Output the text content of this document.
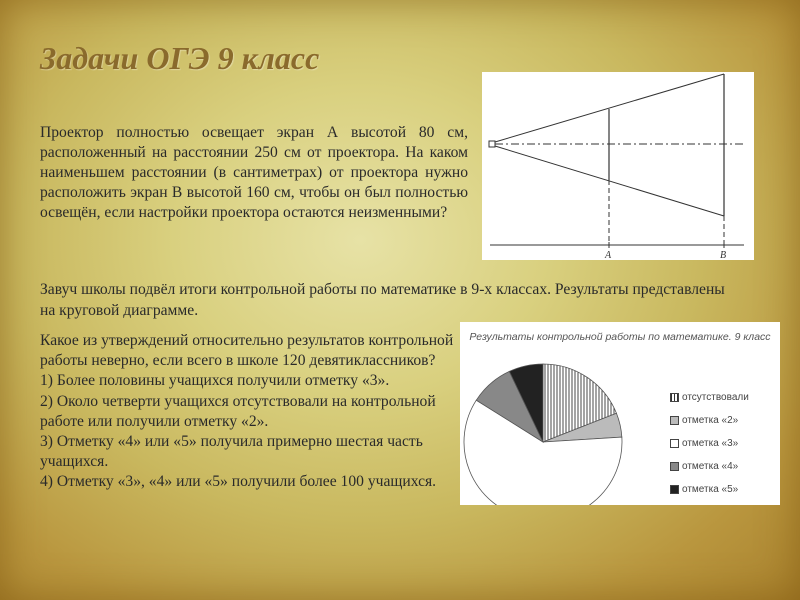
Задачи ОГЭ 9 класс

Проектор полностью освещает экран А высотой 80 см, расположенный на расстоянии 250 см от проектора. На каком наименьшем расстоянии (в сантиметрах) от проектора нужно расположить экран В высотой 160 см, чтобы он был полностью освещён, если настройки проектора остаются неизменными?

A	B

Завуч школы подвёл итоги контрольной работы по математике в 9-х классах. Результаты представлены на круговой диаграмме.

Какое из утверждений относительно результатов контрольной работы неверно, если всего в школе 120 девятиклассников?
1) Более половины учащихся получили отметку «3».
2) Около четверти учащихся отсутствовали на контрольной работе или получили отметку «2».
3) Отметку «4» или «5» получила примерно шестая часть учащихся.
4) Отметку «3», «4» или «5» получили более 100 учащихся.
Результаты контрольной работы по математике. 9 класс
отсутствовали
отметка «2»
отметка «3»
отметка «4»
отметка «5»
